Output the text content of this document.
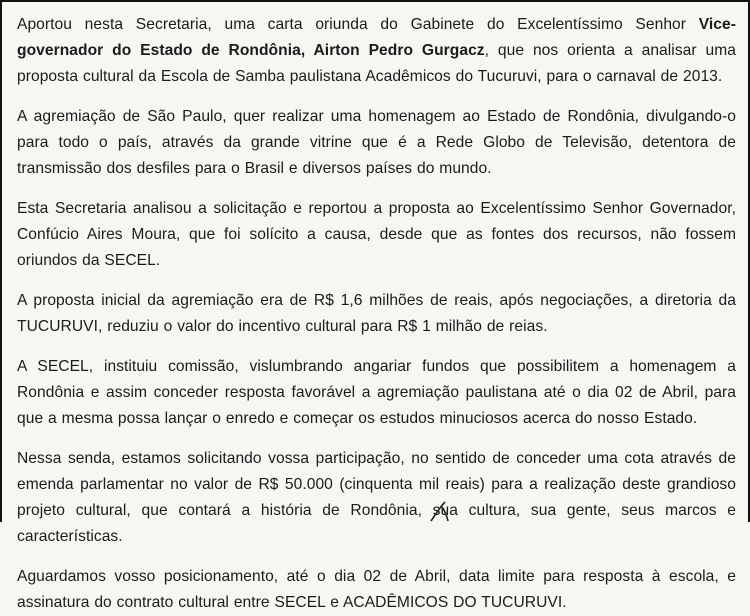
Aportou nesta Secretaria, uma carta oriunda do Gabinete do Excelentíssimo Senhor Vice-governador do Estado de Rondônia, Airton Pedro Gurgacz, que nos orienta a analisar uma proposta cultural da Escola de Samba paulistana Acadêmicos do Tucuruvi, para o carnaval de 2013.

A agremiação de São Paulo, quer realizar uma homenagem ao Estado de Rondônia, divulgando-o para todo o país, através da grande vitrine que é a Rede Globo de Televisão, detentora de transmissão dos desfiles para o Brasil e diversos países do mundo.

Esta Secretaria analisou a solicitação e reportou a proposta ao Excelentíssimo Senhor Governador, Confúcio Aires Moura, que foi solícito a causa, desde que as fontes dos recursos, não fossem oriundos da SECEL.

A proposta inicial da agremiação era de R$ 1,6 milhões de reais, após negociações, a diretoria da TUCURUVI, reduziu o valor do incentivo cultural para R$ 1 milhão de reias.

A SECEL, instituiu comissão, vislumbrando angariar fundos que possibilitem a homenagem a Rondônia e assim conceder resposta favorável a agremiação paulistana até o dia 02 de Abril, para que a mesma possa lançar o enredo e começar os estudos minuciosos acerca do nosso Estado.

Nessa senda, estamos solicitando vossa participação, no sentido de conceder uma cota através de emenda parlamentar no valor de R$ 50.000 (cinquenta mil reais) para a realização deste grandioso projeto cultural, que contará a história de Rondônia, sua cultura, sua gente, seus marcos e características.

Aguardamos vosso posicionamento, até o dia 02 de Abril, data limite para resposta à escola, e assinatura do contrato cultural entre SECEL e ACADÊMICOS DO TUCURUVI.
